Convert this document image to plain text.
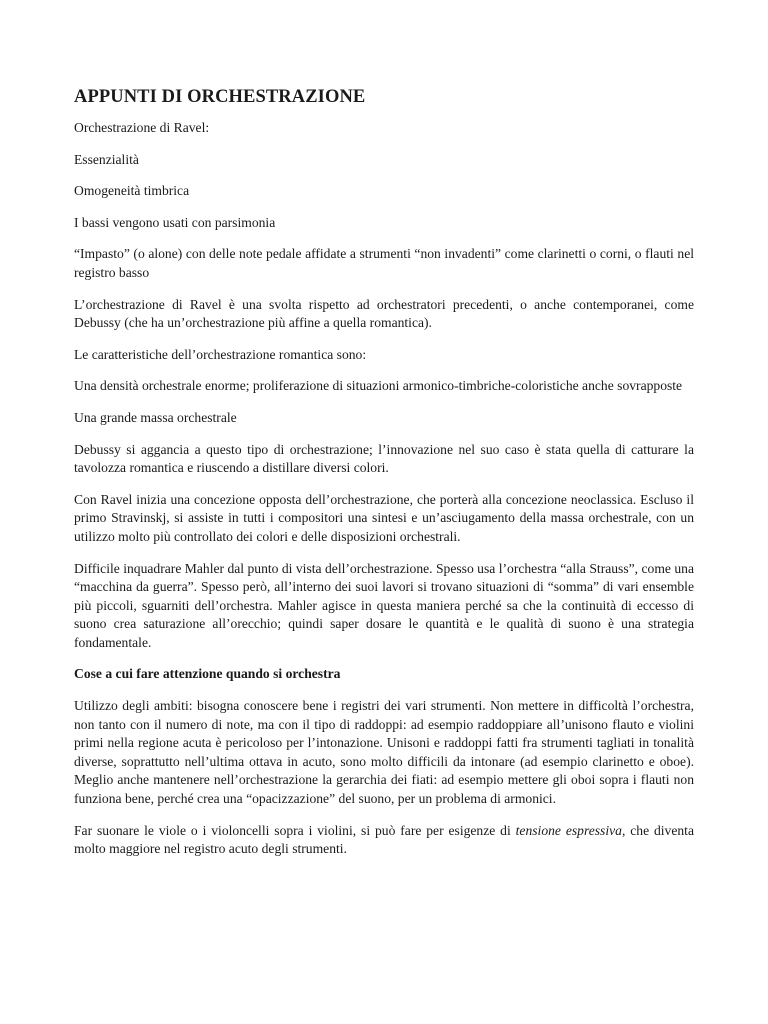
APPUNTI DI ORCHESTRAZIONE

Orchestrazione di Ravel:

Essenzialità

Omogeneità timbrica

I bassi vengono usati con parsimonia

“Impasto” (o alone) con delle note pedale affidate a strumenti “non invadenti” come clarinetti o corni, o flauti nel registro basso

L’orchestrazione di Ravel è una svolta rispetto ad orchestratori precedenti, o anche contemporanei, come Debussy (che ha un’orchestrazione più affine a quella romantica).

Le caratteristiche dell’orchestrazione romantica sono:

Una densità orchestrale enorme; proliferazione di situazioni armonico-timbriche-coloristiche anche sovrapposte

Una grande massa orchestrale

Debussy si aggancia a questo tipo di orchestrazione; l’innovazione nel suo caso è stata quella di catturare la tavolozza romantica e riuscendo a distillare diversi colori.

Con Ravel inizia una concezione opposta dell’orchestrazione, che porterà alla concezione neoclassica. Escluso il primo Stravinskj, si assiste in tutti i compositori una sintesi e un’asciugamento della massa orchestrale, con un utilizzo molto più controllato dei colori e delle disposizioni orchestrali.

Difficile inquadrare Mahler dal punto di vista dell’orchestrazione. Spesso usa l’orchestra “alla Strauss”, come una “macchina da guerra”. Spesso però, all’interno dei suoi lavori si trovano situazioni di “somma” di vari ensemble più piccoli, sguarniti dell’orchestra. Mahler agisce in questa maniera perché sa che la continuità di eccesso di suono crea saturazione all’orecchio; quindi saper dosare le quantità e le qualità di suono è una strategia fondamentale.

Cose a cui fare attenzione quando si orchestra

Utilizzo degli ambiti: bisogna conoscere bene i registri dei vari strumenti. Non mettere in difficoltà l’orchestra, non tanto con il numero di note, ma con il tipo di raddoppi: ad esempio raddoppiare all’unisono flauto e violini primi nella regione acuta è pericoloso per l’intonazione. Unisoni e raddoppi fatti fra strumenti tagliati in tonalità diverse, soprattutto nell’ultima ottava in acuto, sono molto difficili da intonare (ad esempio clarinetto e oboe). Meglio anche mantenere nell’orchestrazione la gerarchia dei fiati: ad esempio mettere gli oboi sopra i flauti non funziona bene, perché crea una “opacizzazione” del suono, per un problema di armonici.

Far suonare le viole o i violoncelli sopra i violini, si può fare per esigenze di tensione espressiva, che diventa molto maggiore nel registro acuto degli strumenti.
